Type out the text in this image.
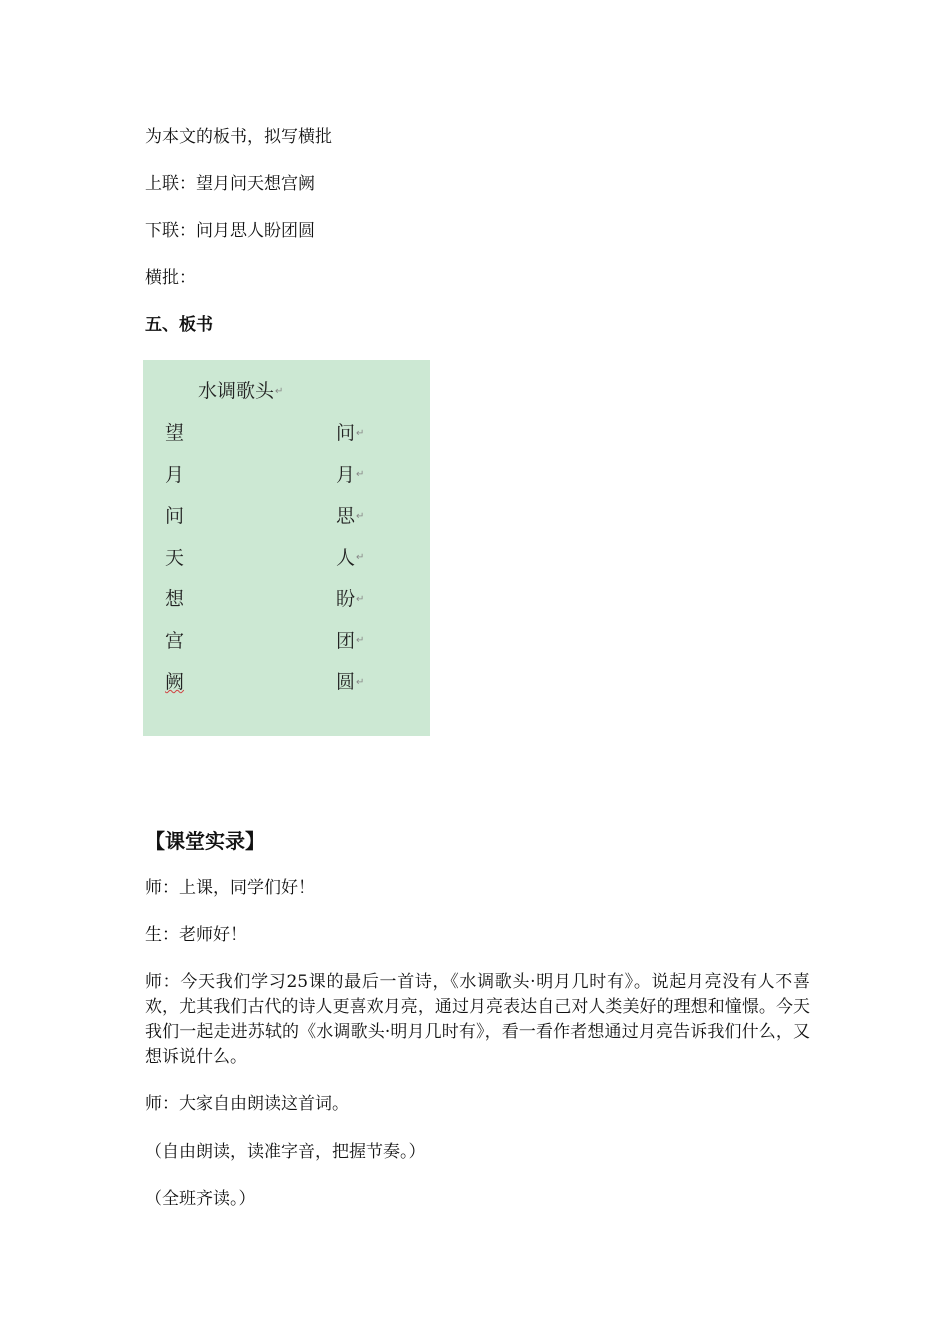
为本文的板书，拟写横批
上联：望月问天想宫阙
下联：问月思人盼团圆
横批：
五、板书
水调歌头↵
望
月
问
天
想
宫
阙
问↵
月↵
思↵
人↵
盼↵
团↵
圆↵
【课堂实录】
师：上课，同学们好！
生：老师好！
师：今天我们学习25课的最后一首诗，《水调歌头·明月几时有》。说起月亮没有人不喜欢，尤其我们古代的诗人更喜欢月亮，通过月亮表达自己对人类美好的理想和憧憬。今天我们一起走进苏轼的《水调歌头·明月几时有》，看一看作者想通过月亮告诉我们什么，又想诉说什么。
师：大家自由朗读这首词。
（自由朗读，读准字音，把握节奏。）
（全班齐读。）
